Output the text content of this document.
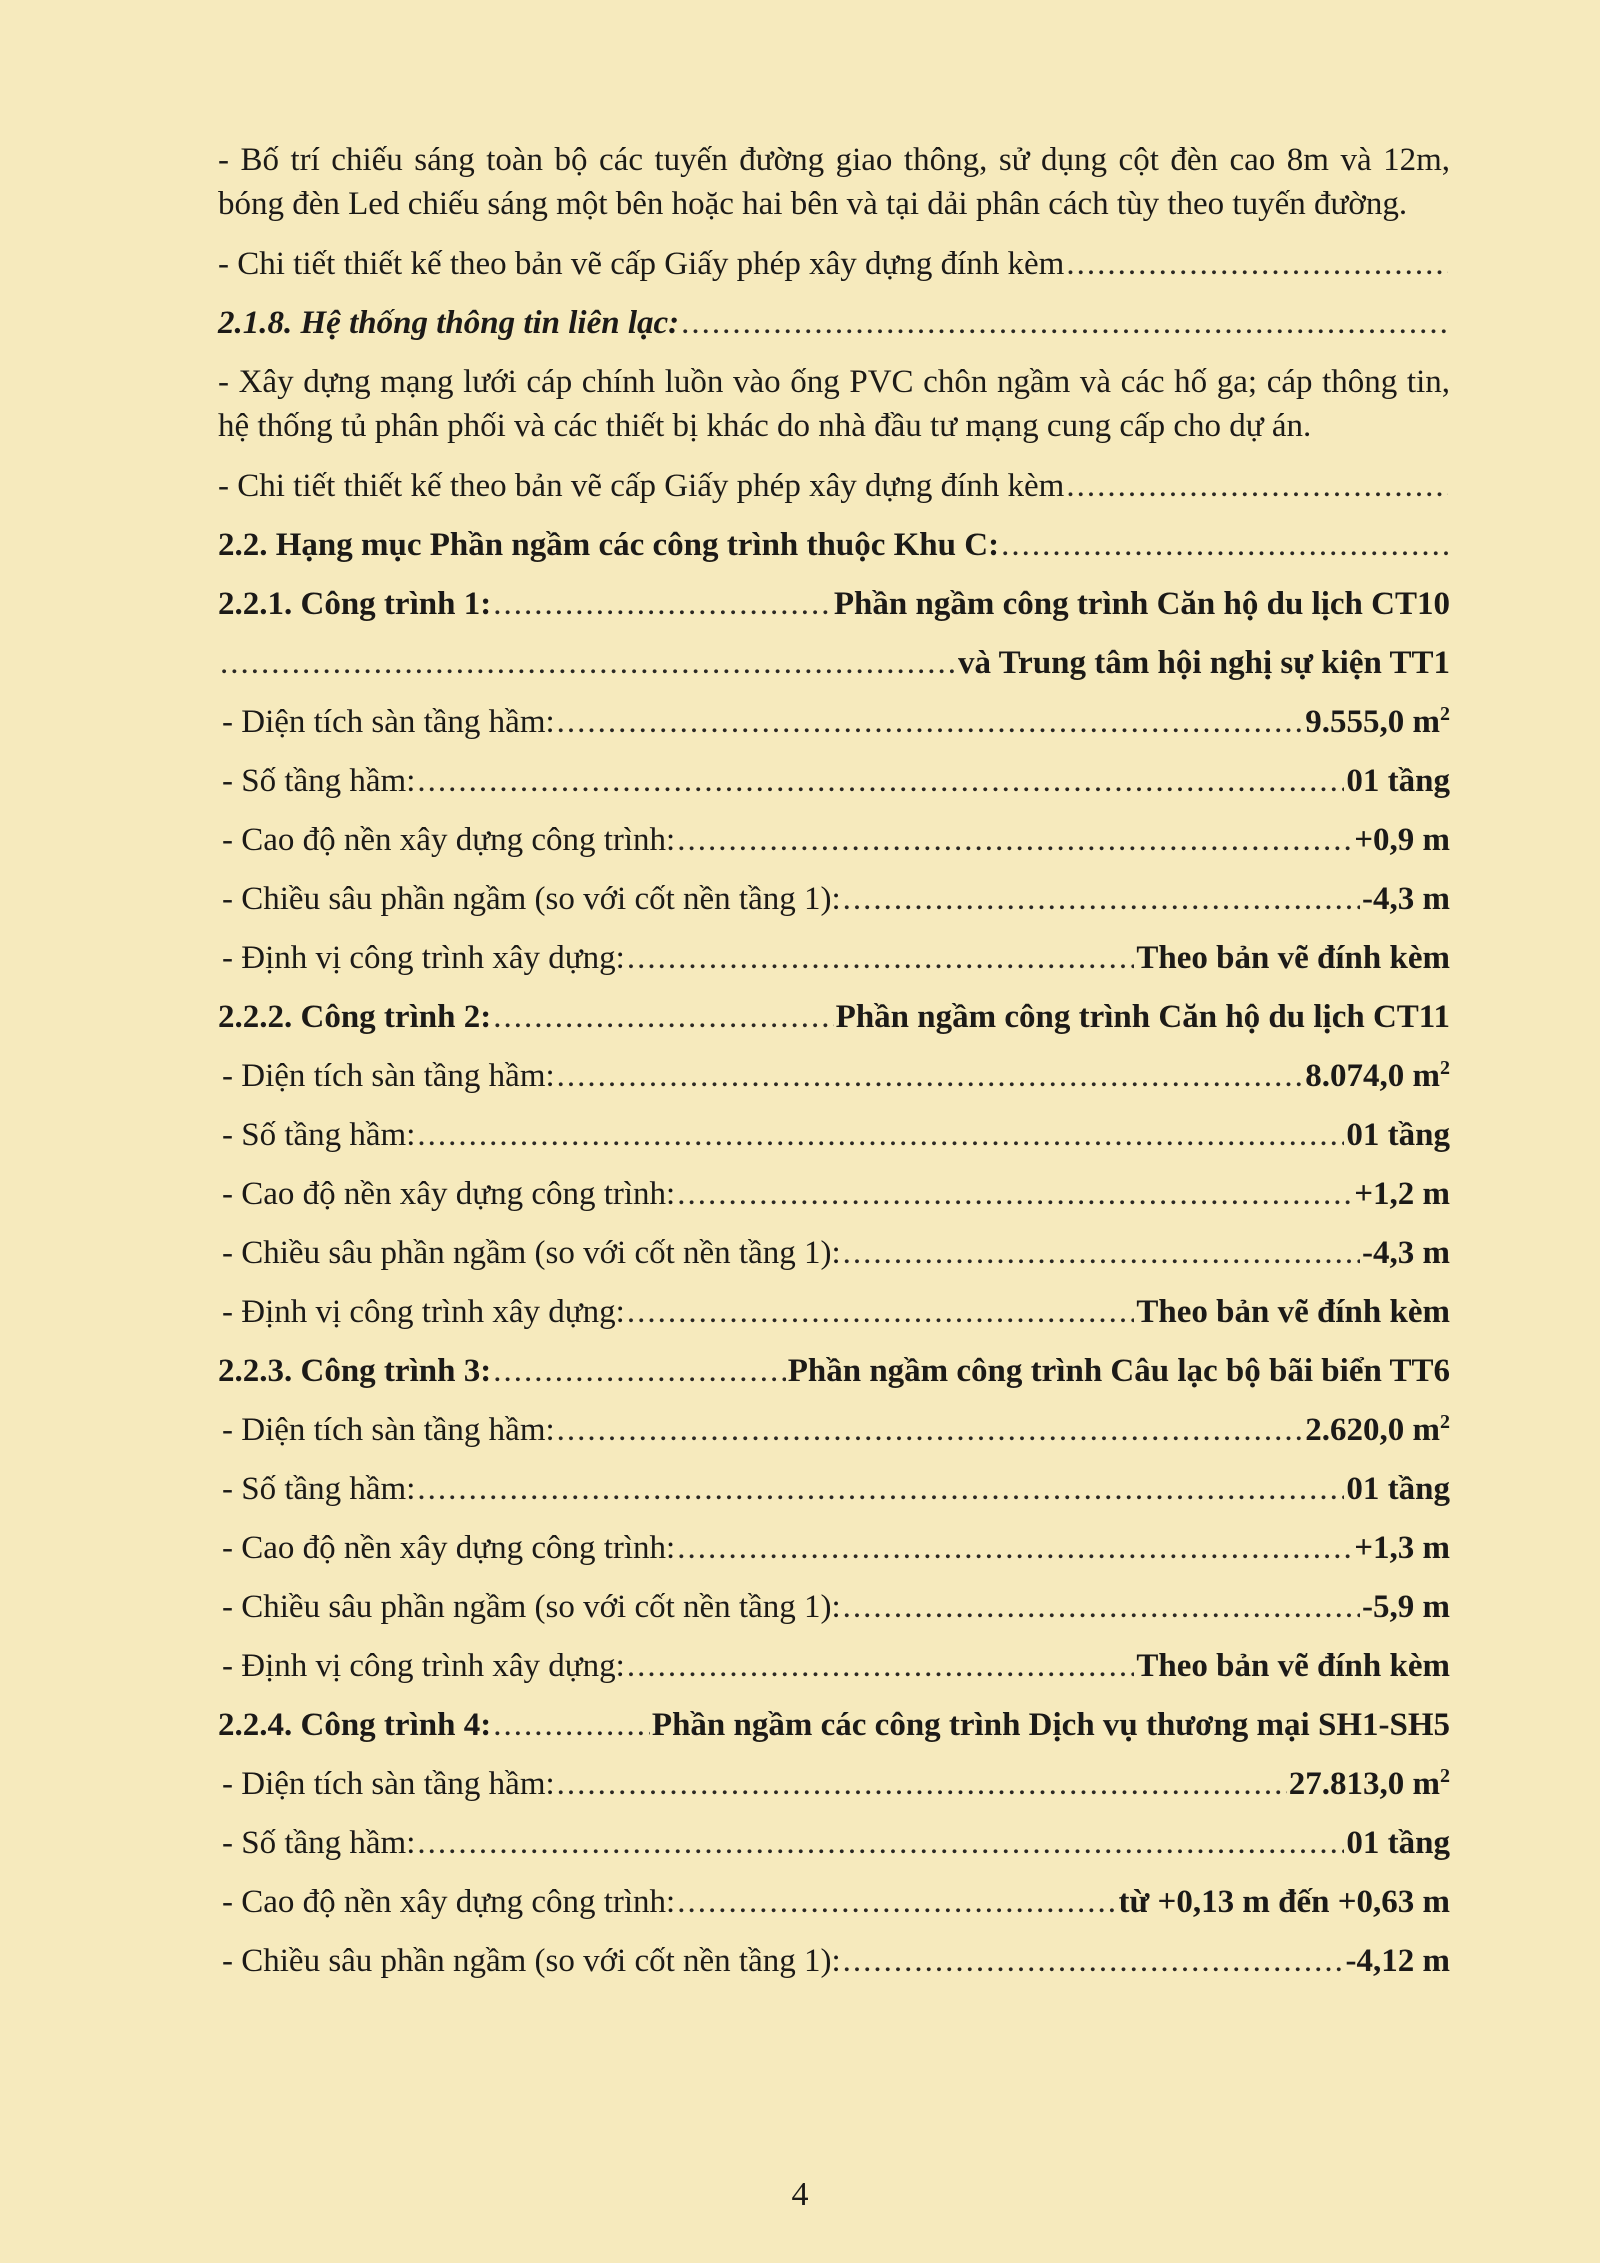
- Bố trí chiếu sáng toàn bộ các tuyến đường giao thông, sử dụng cột đèn cao 8m và 12m, bóng đèn Led chiếu sáng một bên hoặc hai bên và tại dải phân cách tùy theo tuyến đường.

- Chi tiết thiết kế theo bản vẽ cấp Giấy phép xây dựng đính kèm
.....
2.1.8. Hệ thống thông tin liên lạc:
.....

- Xây dựng mạng lưới cáp chính luồn vào ống PVC chôn ngầm và các hố ga; cáp thông tin, hệ thống tủ phân phối và các thiết bị khác do nhà đầu tư mạng cung cấp cho dự án.

- Chi tiết thiết kế theo bản vẽ cấp Giấy phép xây dựng đính kèm
.....
2.2. Hạng mục Phần ngầm các công trình thuộc Khu C:
.....
2.2.1. Công trình 1: .....	Phần ngầm công trình Căn hộ du lịch CT10
.....
và Trung tâm hội nghị sự kiện TT1
- Diện tích sàn tầng hầm: .....	9.555,0 $m^2$
- Số tầng hầm: .....	01 tầng
- Cao độ nền xây dựng công trình: .....	+0,9 m
- Chiều sâu phần ngầm (so với cốt nền tầng 1): .....	-4,3 m
- Định vị công trình xây dựng: .....	Theo bản vẽ đính kèm
2.2.2. Công trình 2: .....	Phần ngầm công trình Căn hộ du lịch CT11
- Diện tích sàn tầng hầm: .....	8.074,0 $m^2$
- Số tầng hầm: .....	01 tầng
- Cao độ nền xây dựng công trình: .....	+1,2 m
- Chiều sâu phần ngầm (so với cốt nền tầng 1): .....	-4,3 m
- Định vị công trình xây dựng: .....	Theo bản vẽ đính kèm
2.2.3. Công trình 3: .....	Phần ngầm công trình Câu lạc bộ bãi biển TT6
- Diện tích sàn tầng hầm: .....	2.620,0 $m^2$
- Số tầng hầm: .....	01 tầng
- Cao độ nền xây dựng công trình: .....	+1,3 m
- Chiều sâu phần ngầm (so với cốt nền tầng 1): .....	-5,9 m
- Định vị công trình xây dựng: .....	Theo bản vẽ đính kèm
2.2.4. Công trình 4: .....	Phần ngầm các công trình Dịch vụ thương mại SH1-SH5
- Diện tích sàn tầng hầm: .....	27.813,0 $m^2$
- Số tầng hầm: .....	01 tầng
- Cao độ nền xây dựng công trình: .....	từ +0,13 m đến +0,63 m
- Chiều sâu phần ngầm (so với cốt nền tầng 1): .....	-4,12 m
4
